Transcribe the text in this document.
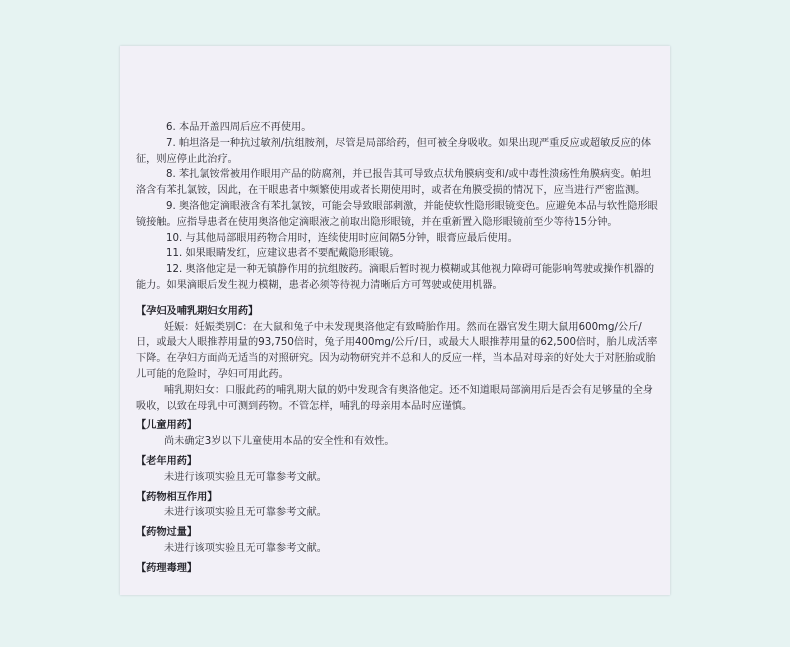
6. 本品开盖四周后应不再使用。

7. 帕坦洛是一种抗过敏剂/抗组胺剂，尽管是局部给药，但可被全身吸收。如果出现严重反应或超敏反应的体征，则应停止此治疗。

8. 苯扎氯铵常被用作眼用产品的防腐剂，并已报告其可导致点状角膜病变和/或中毒性溃疡性角膜病变。帕坦洛含有苯扎氯铵，因此，在干眼患者中频繁使用或者长期使用时，或者在角膜受损的情况下，应当进行严密监测。

9. 奥洛他定滴眼液含有苯扎氯铵，可能会导致眼部刺激，并能使软性隐形眼镜变色。应避免本品与软性隐形眼镜接触。应指导患者在使用奥洛他定滴眼液之前取出隐形眼镜，并在重新置入隐形眼镜前至少等待15分钟。

10. 与其他局部眼用药物合用时，连续使用时应间隔5分钟，眼膏应最后使用。

11. 如果眼睛发红，应建议患者不要配戴隐形眼镜。

12. 奥洛他定是一种无镇静作用的抗组胺药。滴眼后暂时视力模糊或其他视力障碍可能影响驾驶或操作机器的能力。如果滴眼后发生视力模糊，患者必须等待视力清晰后方可驾驶或使用机器。

【孕妇及哺乳期妇女用药】

妊娠：妊娠类别C：在大鼠和兔子中未发现奥洛他定有致畸胎作用。然而在器官发生期大鼠用600mg/公斤/日，或最大人眼推荐用量的93,750倍时，兔子用400mg/公斤/日，或最大人眼推荐用量的62,500倍时，胎儿成活率下降。在孕妇方面尚无适当的对照研究。因为动物研究并不总和人的反应一样，当本品对母亲的好处大于对胚胎或胎儿可能的危险时，孕妇可用此药。

哺乳期妇女：口服此药的哺乳期大鼠的奶中发现含有奥洛他定。还不知道眼局部滴用后是否会有足够量的全身吸收，以致在母乳中可测到药物。不管怎样，哺乳的母亲用本品时应谨慎。

【儿童用药】
尚未确定3岁以下儿童使用本品的安全性和有效性。
【老年用药】
未进行该项实验且无可靠参考文献。
【药物相互作用】
未进行该项实验且无可靠参考文献。
【药物过量】
未进行该项实验且无可靠参考文献。
【药理毒理】
